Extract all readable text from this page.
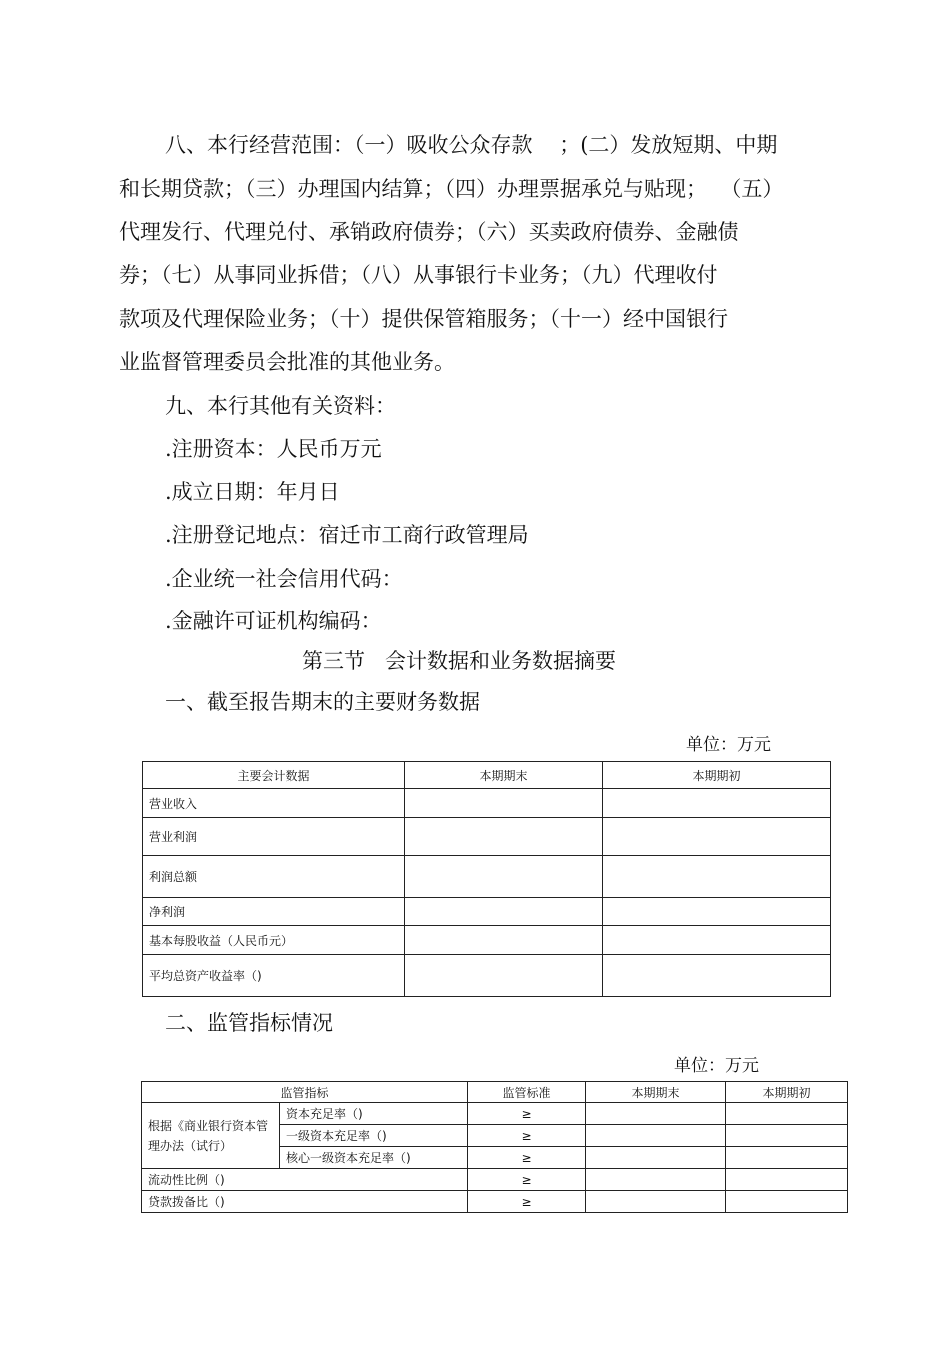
八、本行经营范围：（一）吸收公众存款    ；(二）发放短期、中期
和长期贷款；（三）办理国内结算；（四）办理票据承兑与贴现；  （五）
代理发行、代理兑付、承销政府债券；（六）买卖政府债券、金融债
券；（七）从事同业拆借；（八）从事银行卡业务；（九）代理收付
款项及代理保险业务；（十）提供保管箱服务；（十一）经中国银行
业监督管理委员会批准的其他业务。
九、本行其他有关资料：
.注册资本：人民币万元
.成立日期：年月日
.注册登记地点：宿迁市工商行政管理局
.企业统一社会信用代码：
.金融许可证机构编码：
第三节   会计数据和业务数据摘要
一、截至报告期末的主要财务数据
单位：万元
主要会计数据	本期期末	本期期初
营业收入		
营业利润		
利润总额		
净利润		
基本每股收益（人民币元）		
平均总资产收益率（)		
二、监管指标情况
单位：万元
监管指标		监管标准	本期期末	本期期初
根据《商业银行资本管理办法（试行）	资本充足率（)	≥		
	一级资本充足率（)	≥		
	核心一级资本充足率（)	≥		
流动性比例（)		≥		
贷款拨备比（)		≥		
